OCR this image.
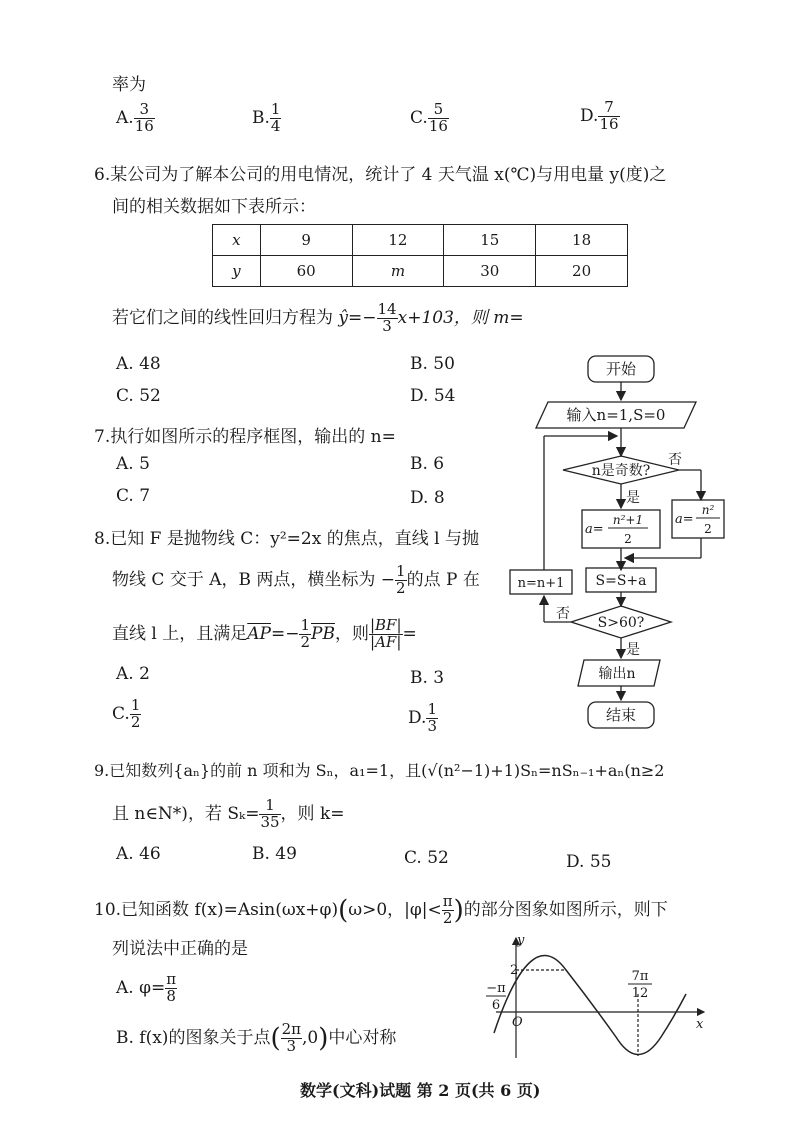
率为
A. $\frac{3}{16}$	B. $\frac{1}{4}$	C. $\frac{5}{16}$	D. $\frac{7}{16}$
6.某公司为了解本公司的用电情况，统计了 4 天气温 x(℃)与用电量 y(度)之
间的相关数据如下表所示：
x	9	12	15	18
y	60	m	30	20
若它们之间的线性回归方程为 ŷ=− $\frac{14}{3} x+103$，则 m=
A. 48	B. 50
C. 52	D. 54
7.执行如图所示的程序框图，输出的 n=
A. 5	B. 6
C. 7	D. 8
开始
输入n=1,S=0
n是奇数?
否
是
a=
n²+1
2
a=
n²
2
S=S+a
n=n+1
S>60?
否
是
输出n
结束
8.已知 F 是抛物线 C：y²=2x 的焦点，直线 l 与抛
物线 C 交于 A，B 两点，横坐标为 − $\frac{1}{2}$ 的点 P 在
直线 l 上，且满足$\overline{AP}=- \frac{1}{2} \overline{PB}$，则 $\frac{|BF|}{|AF|}$ =
A. 2	B. 3
C. $\frac{1}{2}$	D. $\frac{1}{3}$
9.已知数列{aₙ}的前 n 项和为 Sₙ，a₁=1，且(√(n²−1)+1)Sₙ=nSₙ₋₁+aₙ(n≥2
且 n∈N*)，若 $S_k= \frac{1}{35}$ ，则 k=
A. 46	B. 49	C. 52	D. 55
10.已知函数 f(x)=Asin(ωx+φ)(ω>0，$|\varphi|< \frac{\pi}{2}$ )的部分图象如图所示，则下
列说法中正确的是
A. $\varphi= \frac{\pi}{8}$
B. f(x)的图象关于点( $\frac{2\pi}{3} ,0$)中心对称
y
x
O
2
−π
6
7π
12
数学(文科)试题 第 2 页(共 6 页)
